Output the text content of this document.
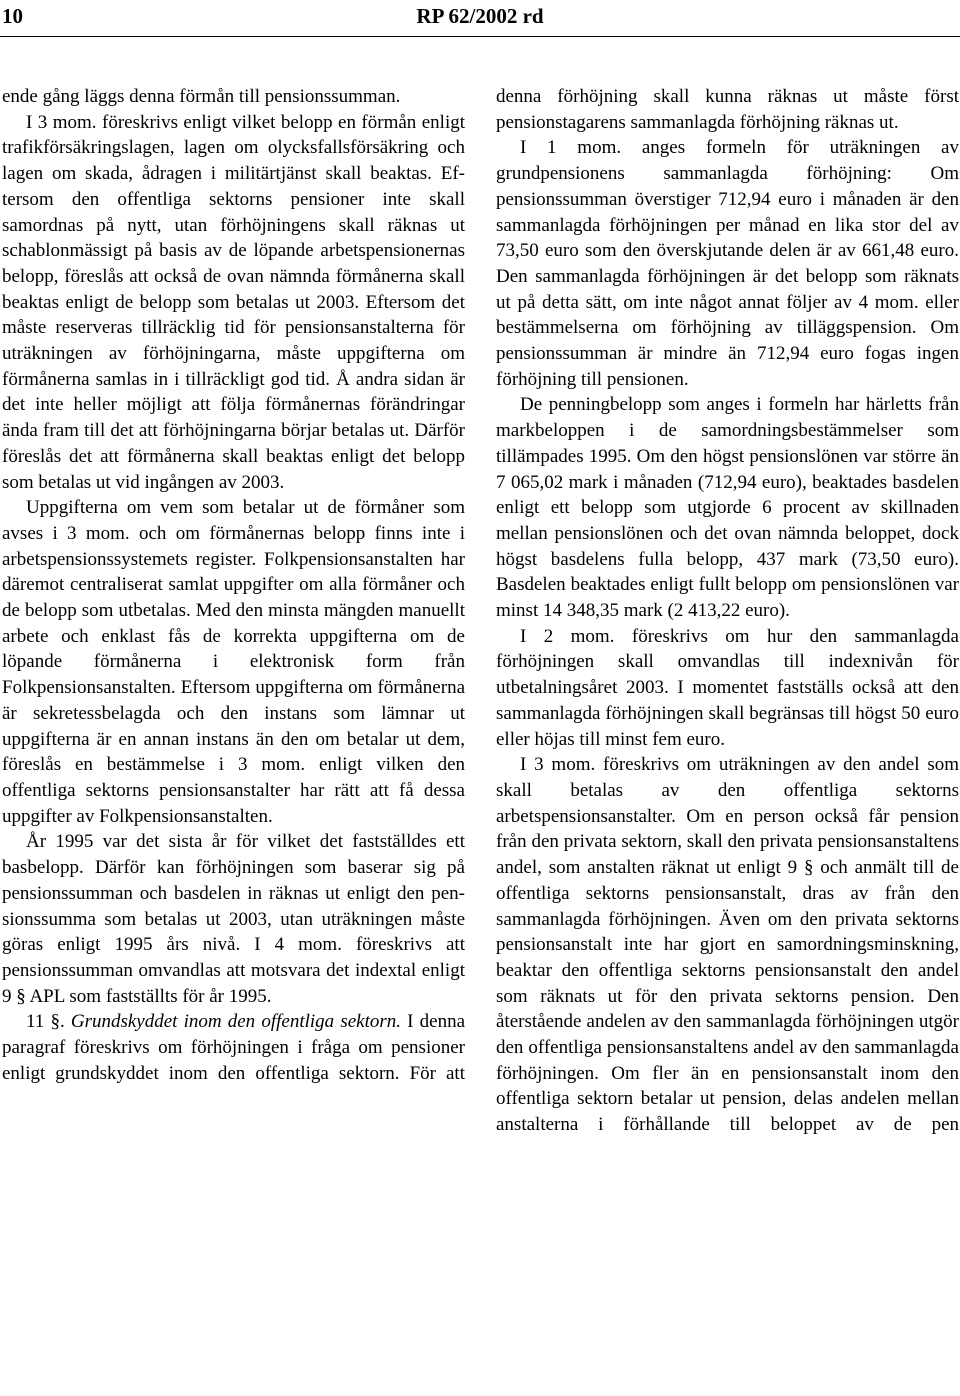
10	RP 62/2002 rd

ende gång läggs denna förmån till pensionssumman.

I 3 mom. föreskrivs enligt vilket belopp en förmån enligt trafikförsäkringslagen, lagen om olycksfallsförsäkring och lagen om skada, ådragen i militärtjänst skall beaktas. Eftersom den offentliga sektorns pensioner inte skall samordnas på nytt, utan förhöjningens skall räknas ut schablonmässigt på basis av de löpande arbetspensionernas belopp, föreslås att också de ovan nämnda förmånerna skall beaktas enligt de belopp som betalas ut 2003. Eftersom det måste reserveras tillräcklig tid för pensionsanstalterna för uträkningen av förhöjningarna, måste uppgifterna om förmånerna samlas in i tillräckligt god tid. Å andra sidan är det inte heller möjligt att följa förmånernas förändringar ända fram till det att förhöjningarna börjar betalas ut. Därför föreslås det att förmånerna skall beaktas enligt det belopp som betalas ut vid ingången av 2003.

Uppgifterna om vem som betalar ut de förmåner som avses i 3 mom. och om förmånernas belopp finns inte i arbetspensionssystemets register. Folkpensionsanstalten har däremot centraliserat samlat uppgifter om alla förmåner och de belopp som utbetalas. Med den minsta mängden manuellt arbete och enklast fås de korrekta uppgifterna om de löpande förmånerna i elektronisk form från Folkpensionsanstalten. Eftersom uppgifterna om förmånerna är sekretessbelagda och den instans som lämnar ut uppgifterna är en annan instans än den om betalar ut dem, föreslås en bestämmelse i 3 mom. enligt vilken den offentliga sektorns pensionsanstalter har rätt att få dessa uppgifter av Folkpensionsanstalten.

År 1995 var det sista år för vilket det fastställdes ett basbelopp. Därför kan förhöjningen som baserar sig på pensionssumman och basdelen in räknas ut enligt den pensionssumma som betalas ut 2003, utan uträkningen måste göras enligt 1995 års nivå. I 4 mom. föreskrivs att pensionssumman omvandlas att motsvara det indextal enligt 9 § APL som fastställts för år 1995.

11 §. Grundskyddet inom den offentliga sektorn. I denna paragraf föreskrivs om förhöjningen i fråga om pensioner enligt grundskyddet inom den offentliga sektorn. För att

denna förhöjning skall kunna räknas ut måste först pensionstagarens sammanlagda förhöjning räknas ut.

I 1 mom. anges formeln för uträkningen av grundpensionens sammanlagda förhöjning: Om pensionssumman överstiger 712,94 euro i månaden är den sammanlagda förhöjningen per månad en lika stor del av 73,50 euro som den överskjutande delen är av 661,48 euro. Den sammanlagda förhöjningen är det belopp som räknats ut på detta sätt, om inte något annat följer av 4 mom. eller bestämmelserna om förhöjning av tilläggspension. Om pensionssumman är mindre än 712,94 euro fogas ingen förhöjning till pensionen.

De penningbelopp som anges i formeln har härletts från markbeloppen i de samordningsbestämmelser som tillämpades 1995. Om den högst pensionslönen var större än 7 065,02 mark i månaden (712,94 euro), beaktades basdelen enligt ett belopp som utgjorde 6 procent av skillnaden mellan pensionslönen och det ovan nämnda beloppet, dock högst basdelens fulla belopp, 437 mark (73,50 euro). Basdelen beaktades enligt fullt belopp om pensionslönen var minst 14 348,35 mark (2 413,22 euro).

I 2 mom. föreskrivs om hur den sammanlagda förhöjningen skall omvandlas till indexnivån för utbetalningsåret 2003. I momentet fastställs också att den sammanlagda förhöjningen skall begränsas till högst 50 euro eller höjas till minst fem euro.

I 3 mom. föreskrivs om uträkningen av den andel som skall betalas av den offentliga sektorns arbetspensionsanstalter. Om en person också får pension från den privata sektorn, skall den privata pensionsanstaltens andel, som anstalten räknat ut enligt 9 § och anmält till de offentliga sektorns pensionsanstalt, dras av från den sammanlagda förhöjningen. Även om den privata sektorns pensionsanstalt inte har gjort en samordningsminskning, beaktar den offentliga sektorns pensionsanstalt den andel som räknats ut för den privata sektorns pension. Den återstående andelen av den sammanlagda förhöjningen utgör den offentliga pensionsanstaltens andel av den sammanlagda förhöjningen. Om fler än en pensionsanstalt inom den offentliga sektorn betalar ut pension, delas andelen mellan anstalterna i förhållande till beloppet av de pen
